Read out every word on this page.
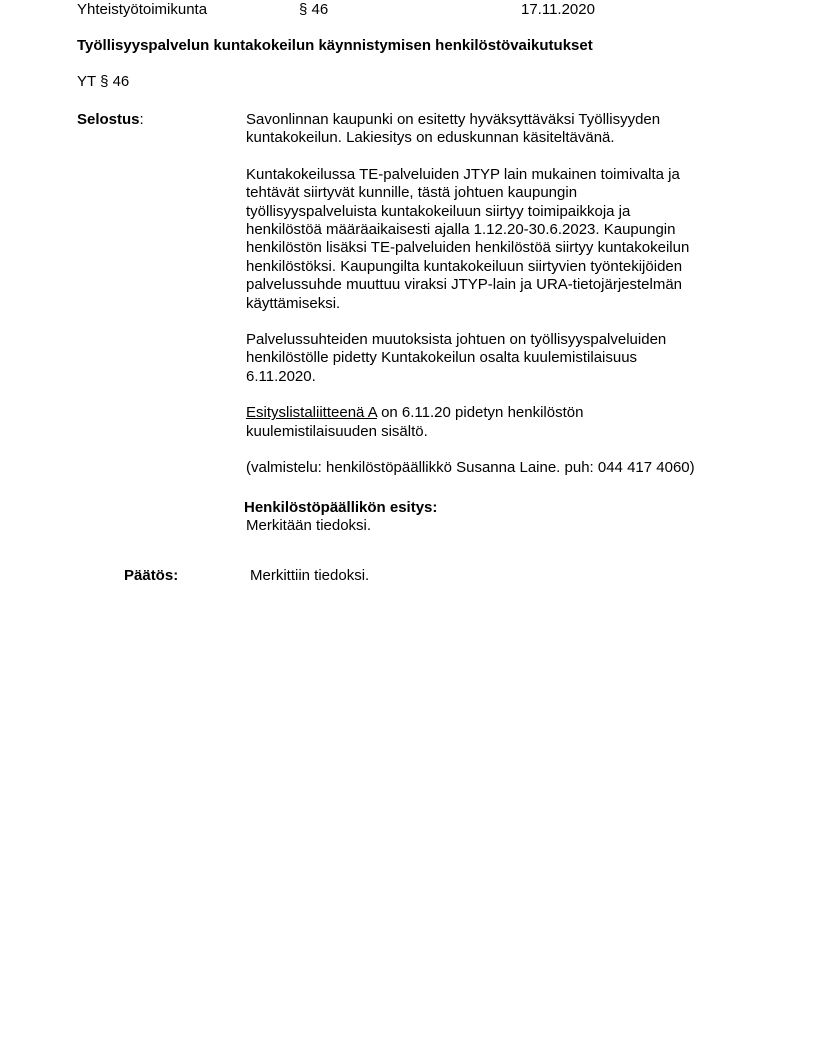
Yhteistyötoimikunta	§ 46	17.11.2020
Työllisyyspalvelun kuntakokeilun käynnistymisen henkilöstövaikutukset
YT § 46
Selostus:	Savonlinnan kaupunki on esitetty hyväksyttäväksi Työllisyyden
kuntakokeilun. Lakiesitys on eduskunnan käsiteltävänä.
Kuntakokeilussa TE-palveluiden JTYP lain mukainen toimivalta ja
tehtävät siirtyvät kunnille, tästä johtuen kaupungin
työllisyyspalveluista kuntakokeiluun siirtyy toimipaikkoja ja
henkilöstöä määräaikaisesti ajalla 1.12.20-30.6.2023. Kaupungin
henkilöstön lisäksi TE-palveluiden henkilöstöä siirtyy kuntakokeilun
henkilöstöksi. Kaupungilta kuntakokeiluun siirtyvien työntekijöiden
palvelussuhde muuttuu viraksi JTYP-lain ja URA-tietojärjestelmän
käyttämiseksi.
Palvelussuhteiden muutoksista johtuen on työllisyyspalveluiden
henkilöstölle pidetty Kuntakokeilun osalta kuulemistilaisuus
6.11.2020.
Esityslistaliitteenä A on 6.11.20 pidetyn henkilöstön
kuulemistilaisuuden sisältö.
(valmistelu: henkilöstöpäällikkö Susanna Laine. puh: 044 417 4060)
Henkilöstöpäällikön esitys:
Merkitään tiedoksi.
Päätös:	Merkittiin tiedoksi.
